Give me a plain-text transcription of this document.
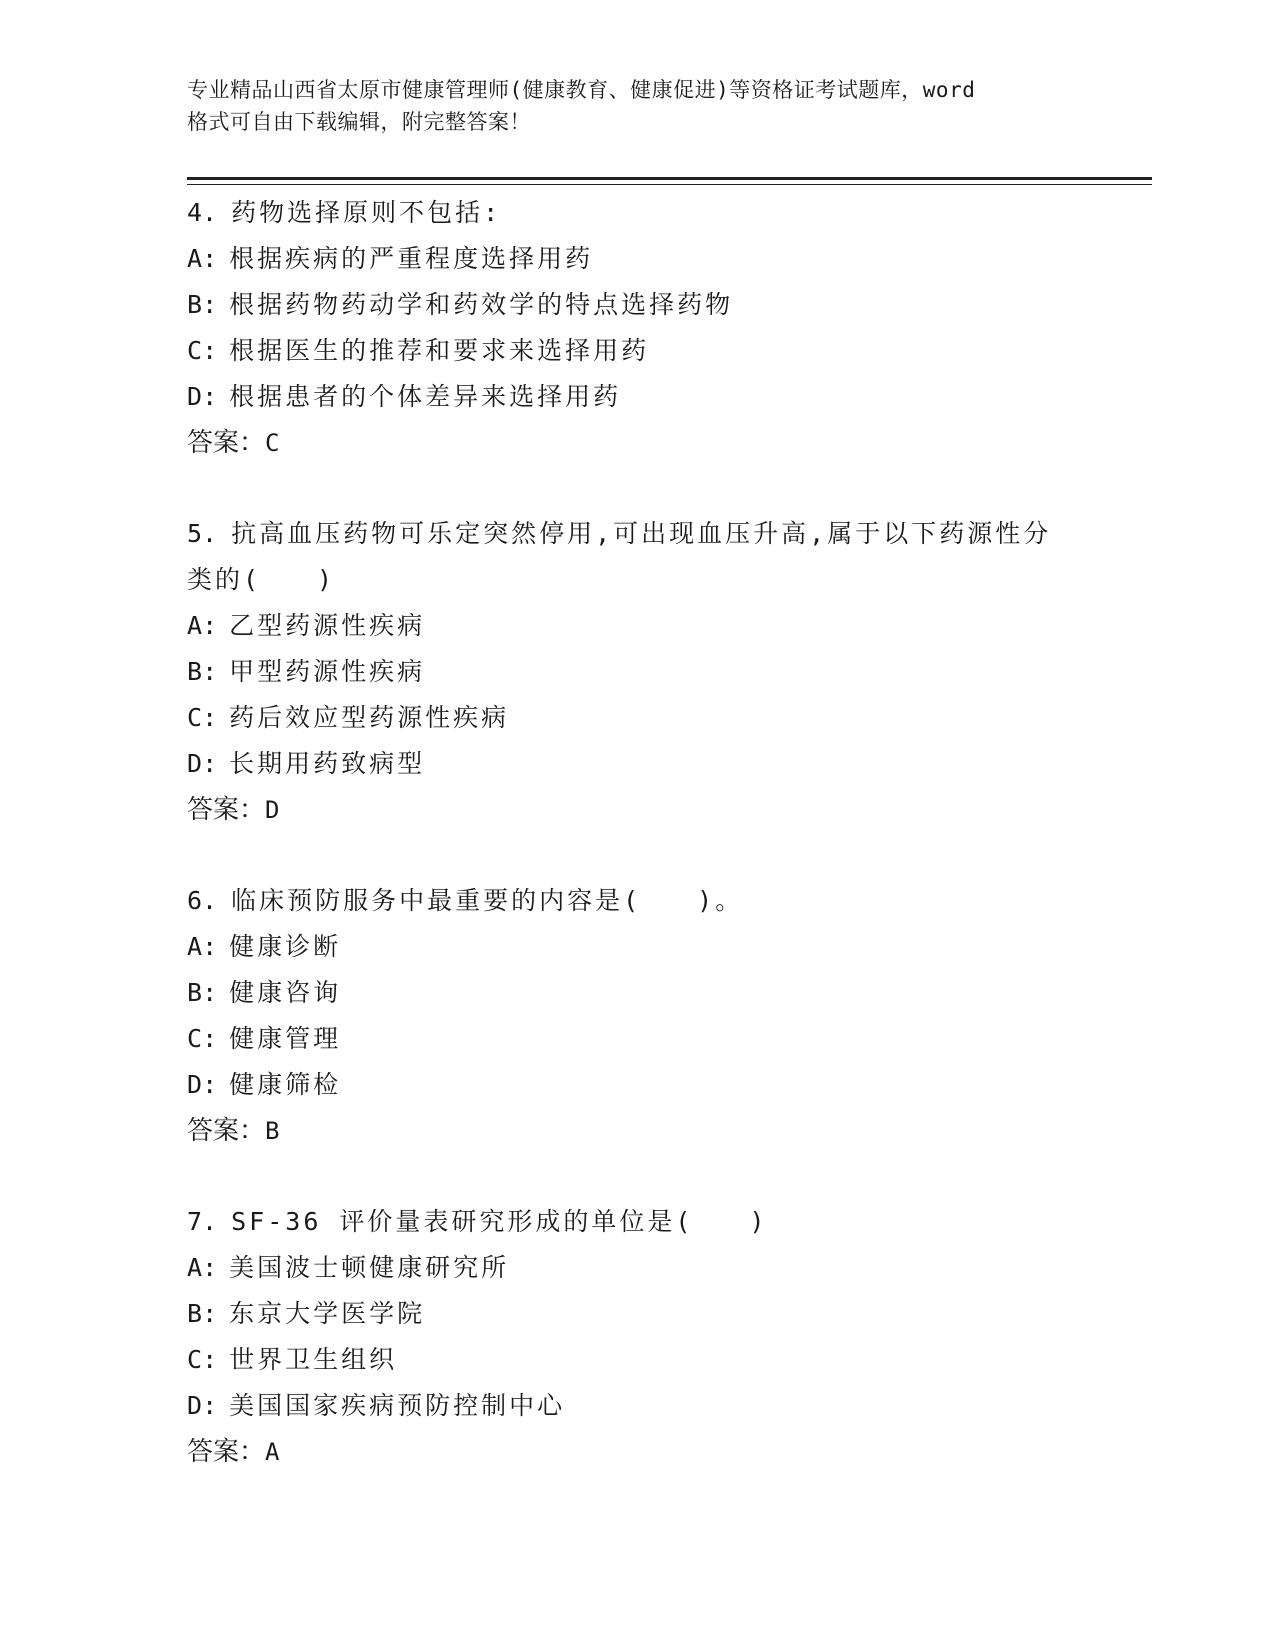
专业精品山西省太原市健康管理师(健康教育、健康促进)等资格证考试题库，word
格式可自由下载编辑，附完整答案！
4. 药物选择原则不包括:
A: 根据疾病的严重程度选择用药
B: 根据药物药动学和药效学的特点选择药物
C: 根据医生的推荐和要求来选择用药
D: 根据患者的个体差异来选择用药
答案：C
5. 抗高血压药物可乐定突然停用,可出现血压升高,属于以下药源性分
类的(　　)
A: 乙型药源性疾病
B: 甲型药源性疾病
C: 药后效应型药源性疾病
D: 长期用药致病型
答案：D
6. 临床预防服务中最重要的内容是(　　)。
A: 健康诊断
B: 健康咨询
C: 健康管理
D: 健康筛检
答案：B
7. SF-36 评价量表研究形成的单位是(　　)
A: 美国波士顿健康研究所
B: 东京大学医学院
C: 世界卫生组织
D: 美国国家疾病预防控制中心
答案：A
